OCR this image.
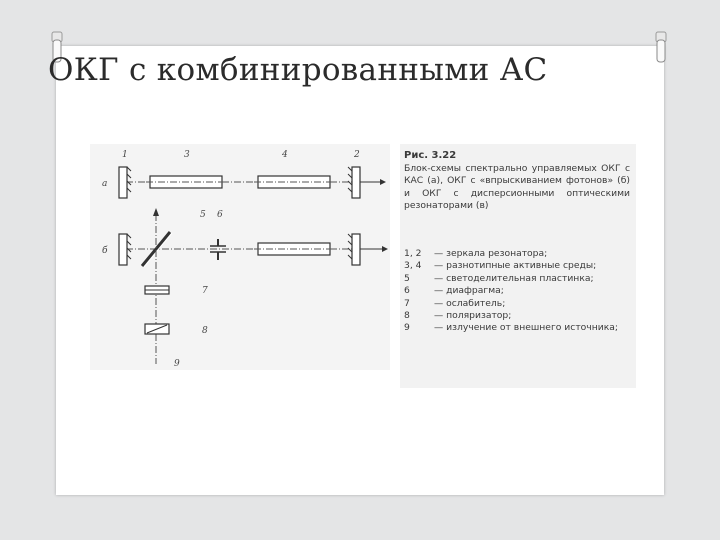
ОКГ с комбинированными АС
1	3	4	2
а
5 6
б
7
8
9
Рис. 3.22
Блок-схемы спектрально управляемых ОКГ с КАС (а), ОКГ с «впрыскиванием фотонов» (б) и ОКГ с дисперсионными оптическими резонаторами (в)
1, 2	— зеркала резонатора;
3, 4	— разнотипные активные среды;
5	— светоделительная пластинка;
6	— диафрагма;
7	— ослабитель;
8	— поляризатор;
9	— излучение от внешнего источника;
